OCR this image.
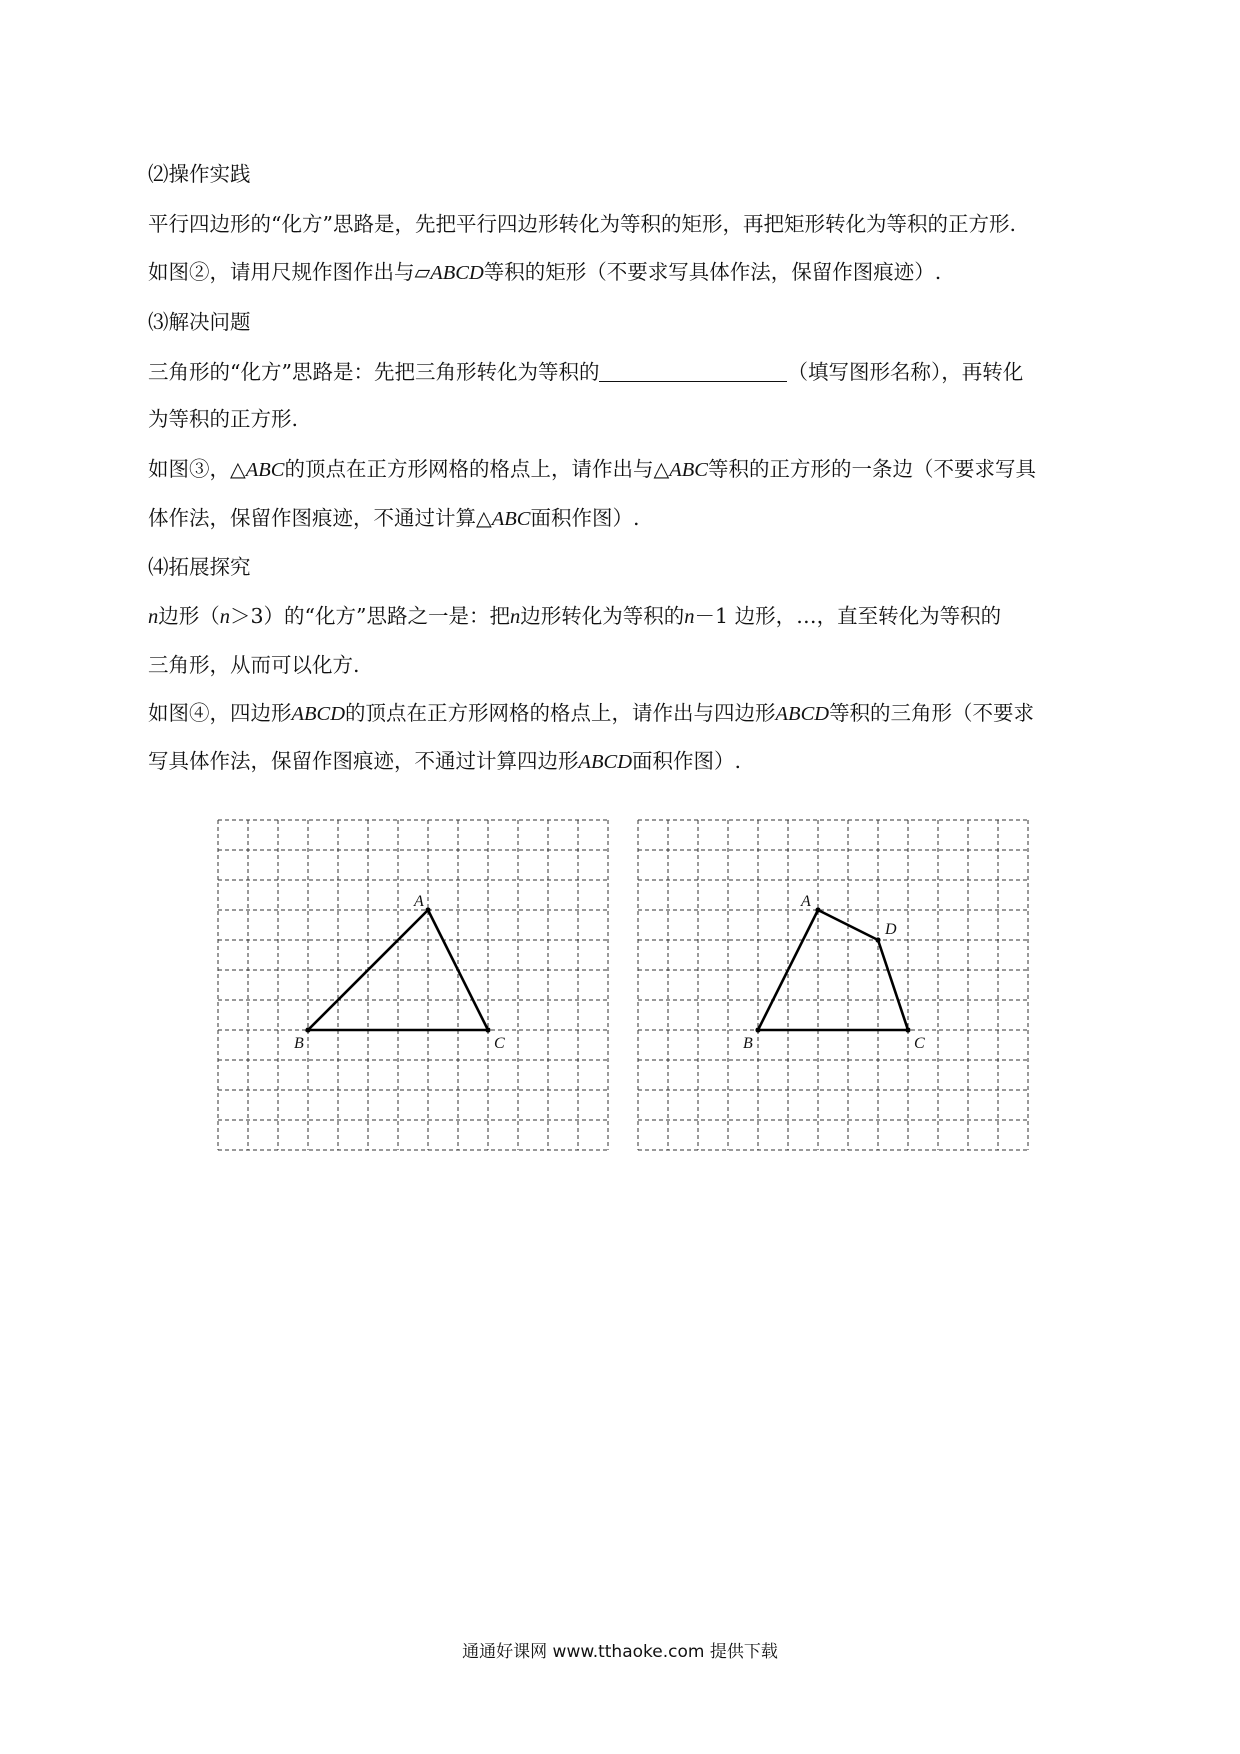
⑵操作实践
平行四边形的“化方”思路是，先把平行四边形转化为等积的矩形，再把矩形转化为等积的正方形.
如图②，请用尺规作图作出与▱ABCD等积的矩形（不要求写具体作法，保留作图痕迹）.
⑶解决问题
三角形的“化方”思路是：先把三角形转化为等积的	（填写图形名称），再转化
为等积的正方形.
如图③，△ABC的顶点在正方形网格的格点上，请作出与△ABC等积的正方形的一条边（不要求写具
体作法，保留作图痕迹，不通过计算△ABC面积作图）.
⑷拓展探究
n边形（n＞3）的“化方”思路之一是：把n边形转化为等积的n－1 边形，…，直至转化为等积的
三角形，从而可以化方.
如图④，四边形ABCD的顶点在正方形网格的格点上，请作出与四边形ABCD等积的三角形（不要求
写具体作法，保留作图痕迹，不通过计算四边形ABCD面积作图）.
A
B	C
A
D
C
B
通通好课网 www.tthaoke.com 提供下载
